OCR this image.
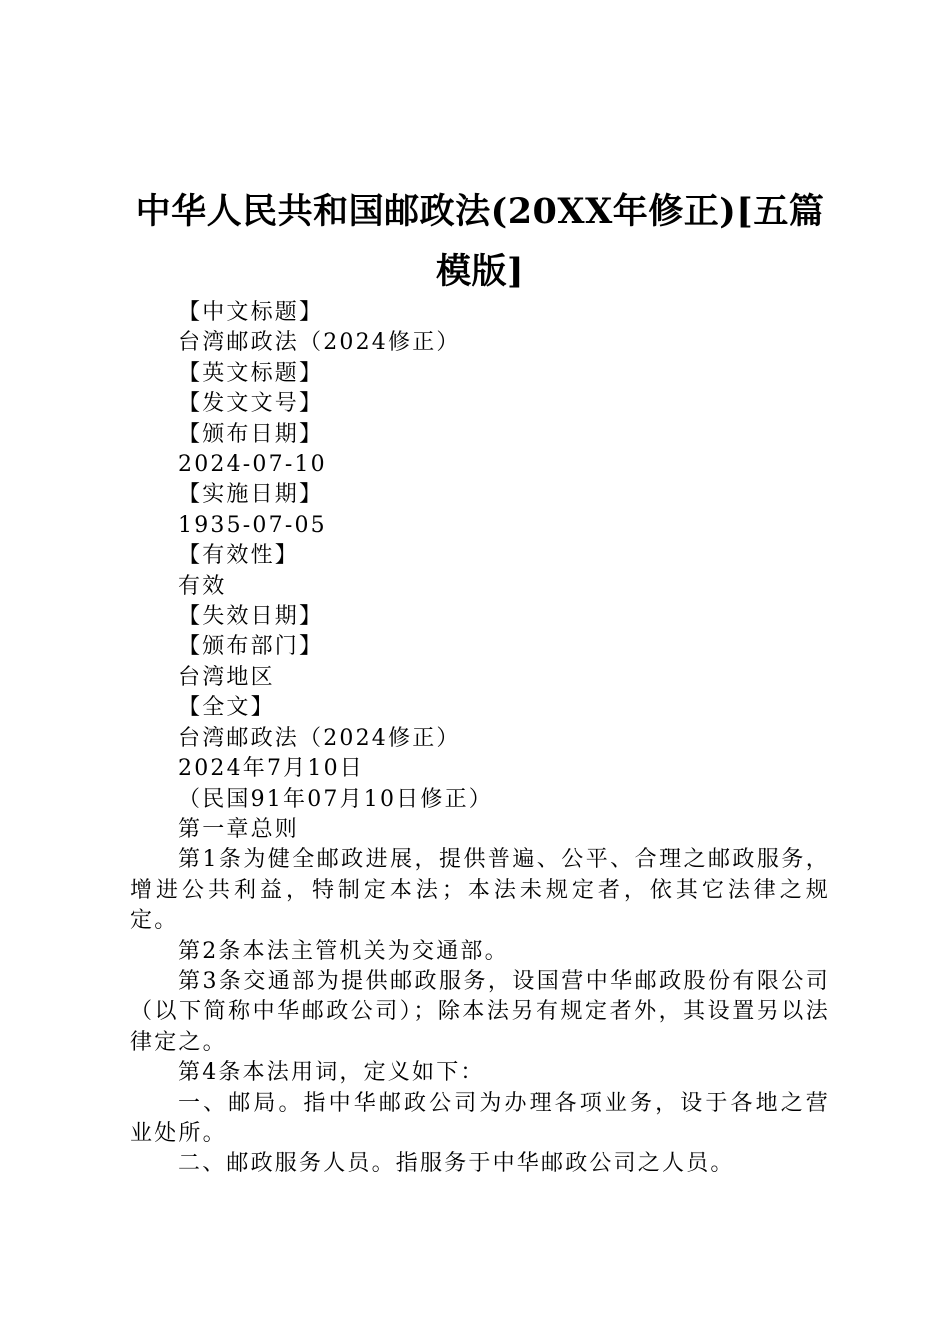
中华人民共和国邮政法(20XX年修正)[五篇模版]

【中文标题】

台湾邮政法（2024修正）

【英文标题】

【发文文号】

【颁布日期】

2024-07-10

【实施日期】

1935-07-05

【有效性】

有效

【失效日期】

【颁布部门】

台湾地区

【全文】

台湾邮政法（2024修正）

2024年7月10日

（民国91年07月10日修正）

第一章总则

第1条为健全邮政进展，提供普遍、公平、合理之邮政服务，增进公共利益，特制定本法；本法未规定者，依其它法律之规定。

第2条本法主管机关为交通部。

第3条交通部为提供邮政服务，设国营中华邮政股份有限公司（以下简称中华邮政公司）；除本法另有规定者外，其设置另以法律定之。

第4条本法用词，定义如下：

一、邮局。指中华邮政公司为办理各项业务，设于各地之营业处所。

二、邮政服务人员。指服务于中华邮政公司之人员。
